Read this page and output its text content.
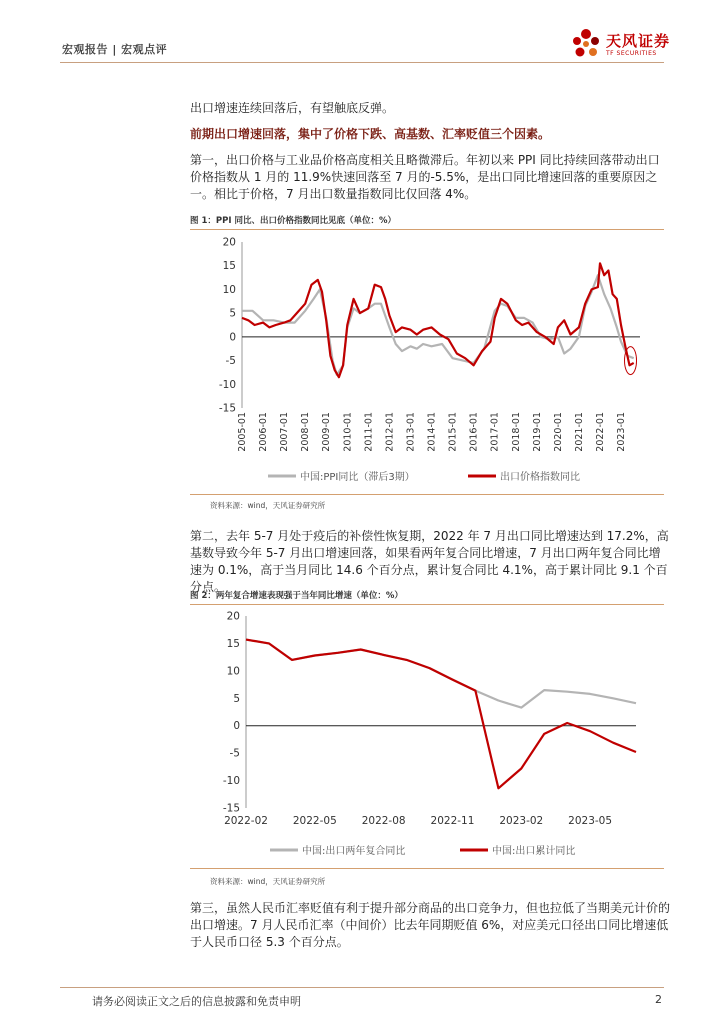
宏观报告 | 宏观点评	天风证券
TF SECURITIES
出口增速连续回落后，有望触底反弹。
前期出口增速回落，集中了价格下跌、高基数、汇率贬值三个因素。
第一，出口价格与工业品价格高度相关且略微滞后。年初以来 PPI 同比持续回落带动出口价格指数从 1 月的 11.9%快速回落至 7 月的-5.5%，是出口同比增速回落的重要原因之一。相比于价格，7 月出口数量指数同比仅回落 4%。
图 1：PPI 同比、出口价格指数同比见底（单位：%）
20
15
10
5
0
-5
-10
-15
2005-01 2006-01 2007-01 2008-01 2009-01 2010-01 2011-01 2012-01 2013-01 2014-01 2015-01 2016-01 2017-01 2018-01 2019-01 2020-01 2021-01 2022-01 2023-01
中国:PPI同比（滞后3期）	出口价格指数同比
资料来源：wind，天风证券研究所
第二，去年 5-7 月处于疫后的补偿性恢复期，2022 年 7 月出口同比增速达到 17.2%，高基数导致今年 5-7 月出口增速回落，如果看两年复合同比增速，7 月出口两年复合同比增速为 0.1%，高于当月同比 14.6 个百分点，累计复合同比 4.1%，高于累计同比 9.1 个百分点。
图 2：两年复合增速表现强于当年同比增速（单位：%）
20
15
10
5
0
-5
-10
-15
2022-02 2022-05 2022-08 2022-11 2023-02 2023-05
中国:出口两年复合同比	中国:出口累计同比
资料来源：wind，天风证券研究所
第三，虽然人民币汇率贬值有利于提升部分商品的出口竞争力，但也拉低了当期美元计价的出口增速。7 月人民币汇率（中间价）比去年同期贬值 6%，对应美元口径出口同比增速低于人民币口径 5.3 个百分点。
请务必阅读正文之后的信息披露和免责申明	2
